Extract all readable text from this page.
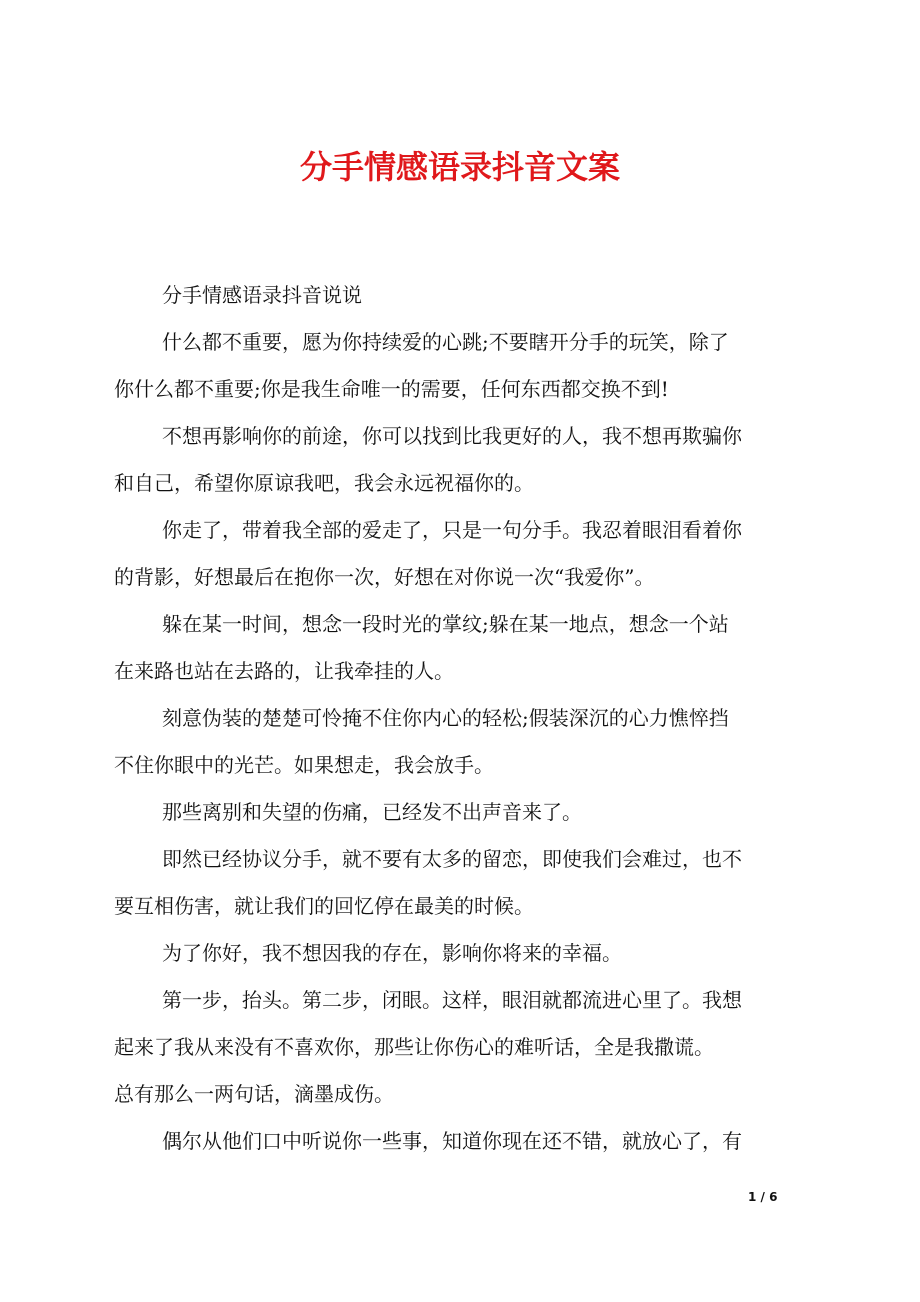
分手情感语录抖音文案

分手情感语录抖音说说

什么都不重要，愿为你持续爱的心跳;不要瞎开分手的玩笑，除了
你什么都不重要;你是我生命唯一的需要，任何东西都交换不到!

不想再影响你的前途，你可以找到比我更好的人，我不想再欺骗你
和自己，希望你原谅我吧，我会永远祝福你的。

你走了，带着我全部的爱走了，只是一句分手。我忍着眼泪看着你
的背影，好想最后在抱你一次，好想在对你说一次“我爱你”。

躲在某一时间，想念一段时光的掌纹;躲在某一地点，想念一个站
在来路也站在去路的，让我牵挂的人。

刻意伪装的楚楚可怜掩不住你内心的轻松;假装深沉的心力憔悴挡
不住你眼中的光芒。如果想走，我会放手。

那些离别和失望的伤痛，已经发不出声音来了。

即然已经协议分手，就不要有太多的留恋，即使我们会难过，也不
要互相伤害，就让我们的回忆停在最美的时候。

为了你好，我不想因我的存在，影响你将来的幸福。

第一步，抬头。第二步，闭眼。这样，眼泪就都流进心里了。我想
起来了我从来没有不喜欢你，那些让你伤心的难听话，全是我撒谎。
总有那么一两句话，滴墨成伤。

偶尔从他们口中听说你一些事，知道你现在还不错，就放心了，有

1 / 6
